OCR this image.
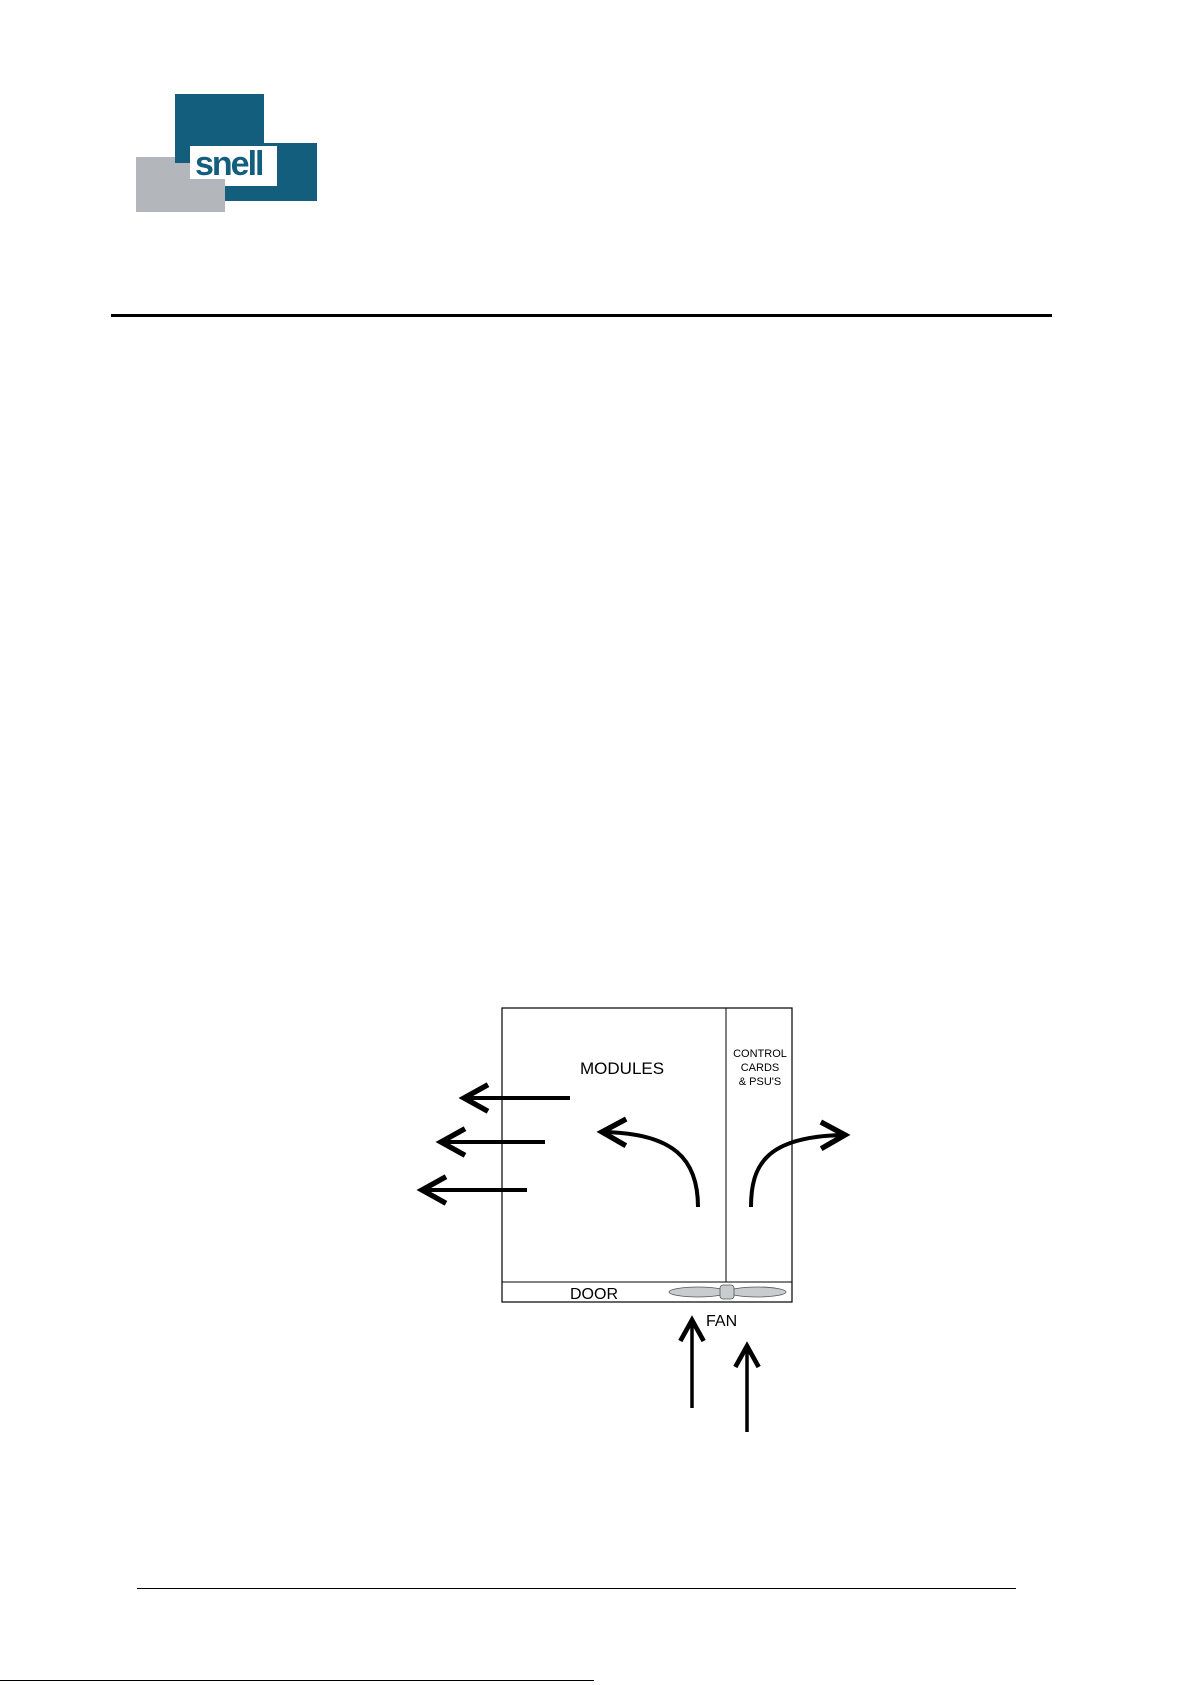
snell
MODULES
CONTROL
CARDS
& PSU'S
DOOR
FAN
